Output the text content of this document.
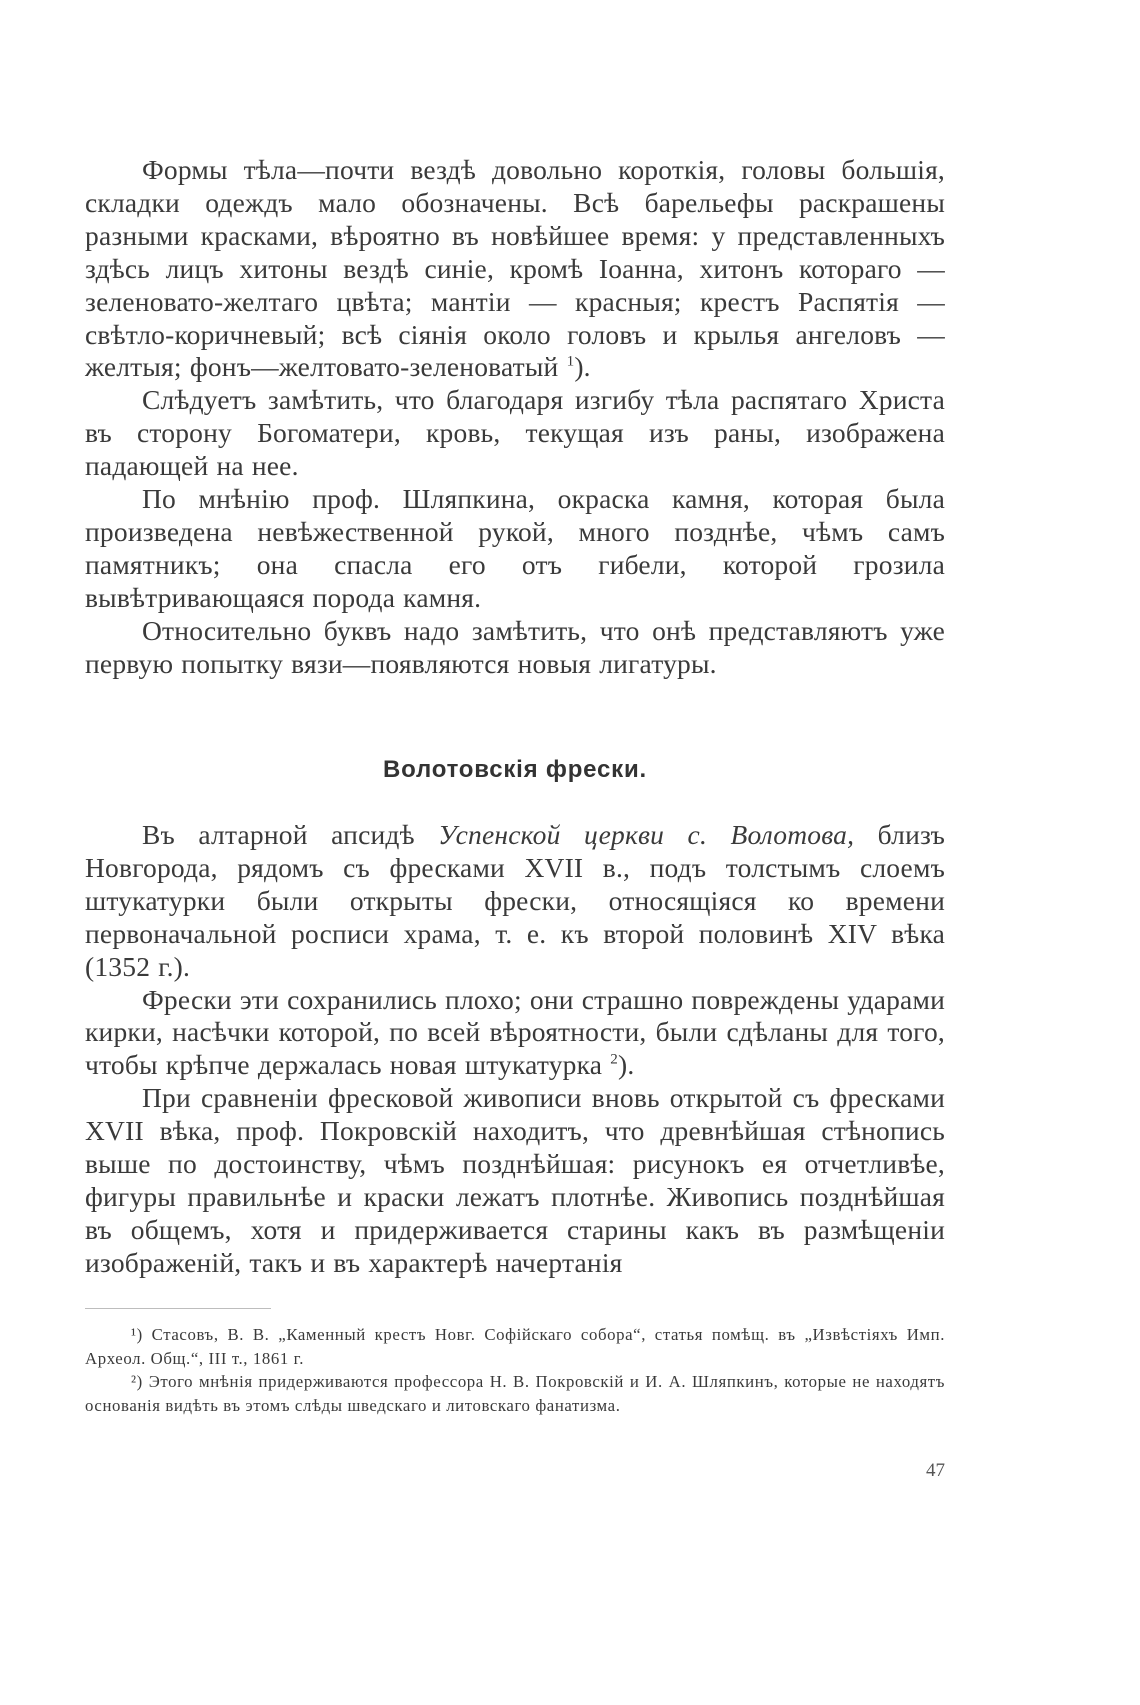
Формы тѣла—почти вездѣ довольно короткія, головы большія, складки одеждъ мало обозначены. Всѣ барельефы раскрашены разными красками, вѣроятно въ новѣйшее время: у представленныхъ здѣсь лицъ хитоны вездѣ синіе, кромѣ Іоанна, хитонъ котораго — зеленовато-желтаго цвѣта; мантіи — красныя; крестъ Распятія — свѣтло-коричневый; всѣ сіянія около головъ и крылья ангеловъ — желтыя; фонъ—желтовато-зеленоватый $^1$).

Слѣдуетъ замѣтить, что благодаря изгибу тѣла распятаго Христа въ сторону Богоматери, кровь, текущая изъ раны, изображена падающей на нее.

По мнѣнію проф. Шляпкина, окраска камня, которая была произведена невѣжественной рукой, много позднѣе, чѣмъ самъ памятникъ; она спасла его отъ гибели, которой грозила вывѣтривающаяся порода камня.

Относительно буквъ надо замѣтить, что онѣ представляютъ уже первую попытку вязи—появляются новыя лигатуры.

Волотовскія фрески.

Въ алтарной апсидѣ Успенской церкви с. Волотова, близъ Новгорода, рядомъ съ фресками XVII в., подъ толстымъ слоемъ штукатурки были открыты фрески, относящіяся ко времени первоначальной росписи храма, т. е. къ второй половинѣ XIV вѣка (1352 г.).

Фрески эти сохранились плохо; они страшно повреждены ударами кирки, насѣчки которой, по всей вѣроятности, были сдѣланы для того, чтобы крѣпче держалась новая штукатурка $^2$).

При сравненіи фресковой живописи вновь открытой съ фресками XVII вѣка, проф. Покровскій находитъ, что древнѣйшая стѣнопись выше по достоинству, чѣмъ позднѣйшая: рисунокъ ея отчетливѣе, фигуры правильнѣе и краски лежатъ плотнѣе. Живопись позднѣйшая въ общемъ, хотя и придерживается старины какъ въ размѣщеніи изображеній, такъ и въ характерѣ начертанія

¹) Стасовъ, В. В. „Каменный крестъ Новг. Софійскаго собора“, статья помѣщ. въ „Извѣстіяхъ Имп. Археол. Общ.“, III т., 1861 г.

²) Этого мнѣнія придерживаются профессора Н. В. Покровскій и И. А. Шляпкинъ, которые не находятъ основанія видѣть въ этомъ слѣды шведскаго и литовскаго фанатизма.

47
